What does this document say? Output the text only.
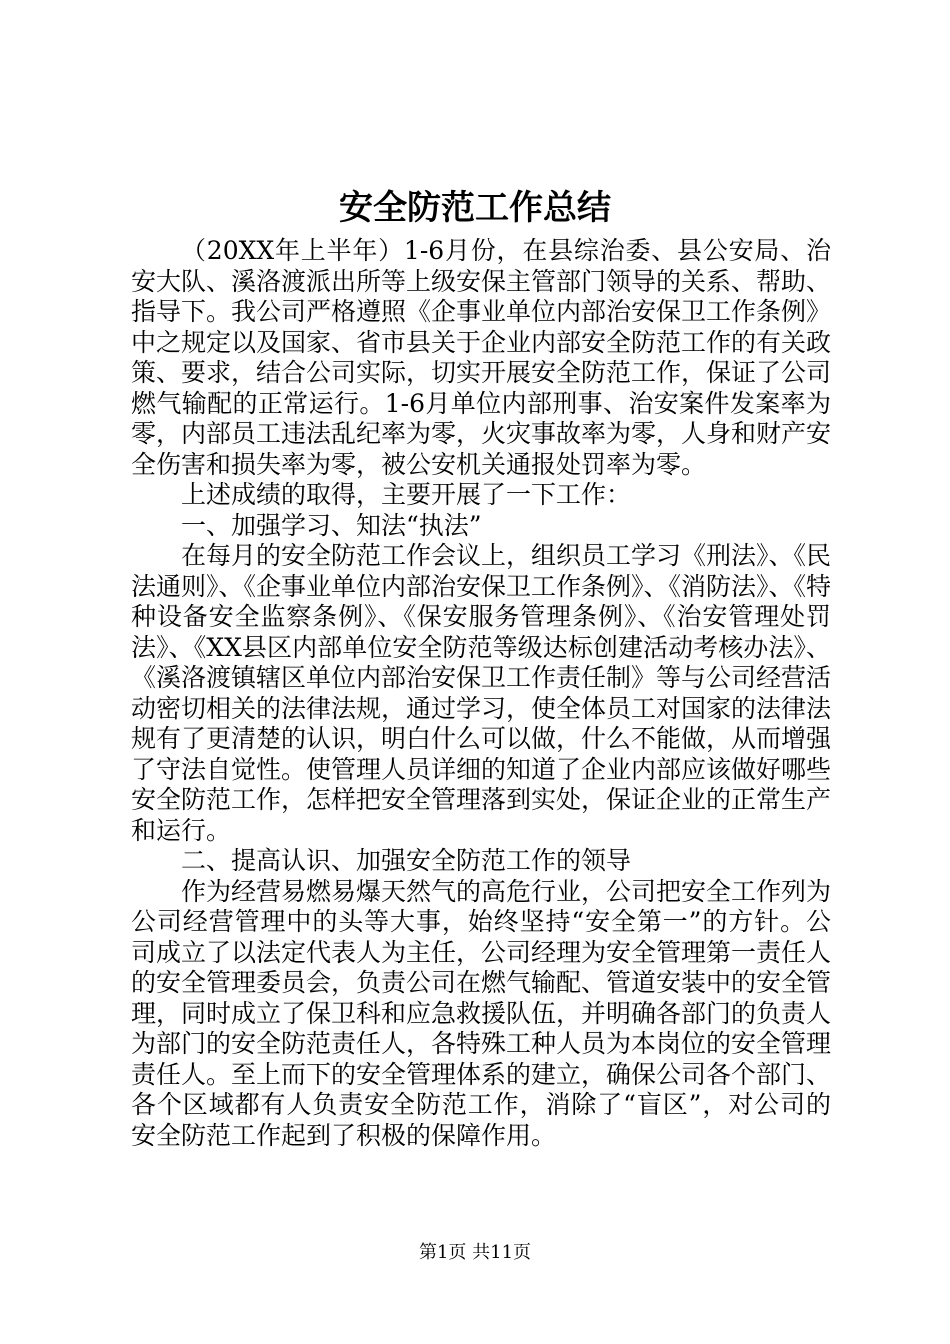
安全防范工作总结

（20XX年上半年）1-6月份，在县综治委、县公安局、治安大队、溪洛渡派出所等上级安保主管部门领导的关系、帮助、指导下。我公司严格遵照《企事业单位内部治安保卫工作条例》中之规定以及国家、省市县关于企业内部安全防范工作的有关政策、要求，结合公司实际，切实开展安全防范工作，保证了公司燃气输配的正常运行。1-6月单位内部刑事、治安案件发案率为零，内部员工违法乱纪率为零，火灾事故率为零，人身和财产安全伤害和损失率为零，被公安机关通报处罚率为零。

上述成绩的取得，主要开展了一下工作：

一、加强学习、知法“执法”

在每月的安全防范工作会议上，组织员工学习《刑法》、《民法通则》、《企事业单位内部治安保卫工作条例》、《消防法》、《特种设备安全监察条例》、《保安服务管理条例》、《治安管理处罚法》、《XX县区内部单位安全防范等级达标创建活动考核办法》、《溪洛渡镇辖区单位内部治安保卫工作责任制》等与公司经营活动密切相关的法律法规，通过学习，使全体员工对国家的法律法规有了更清楚的认识，明白什么可以做，什么不能做，从而增强了守法自觉性。使管理人员详细的知道了企业内部应该做好哪些安全防范工作，怎样把安全管理落到实处，保证企业的正常生产和运行。

二、提高认识、加强安全防范工作的领导

作为经营易燃易爆天然气的高危行业，公司把安全工作列为公司经营管理中的头等大事，始终坚持“安全第一”的方针。公司成立了以法定代表人为主任，公司经理为安全管理第一责任人的安全管理委员会，负责公司在燃气输配、管道安装中的安全管理，同时成立了保卫科和应急救援队伍，并明确各部门的负责人为部门的安全防范责任人，各特殊工种人员为本岗位的安全管理责任人。至上而下的安全管理体系的建立，确保公司各个部门、各个区域都有人负责安全防范工作，消除了“盲区”，对公司的安全防范工作起到了积极的保障作用。

第1页 共11页
